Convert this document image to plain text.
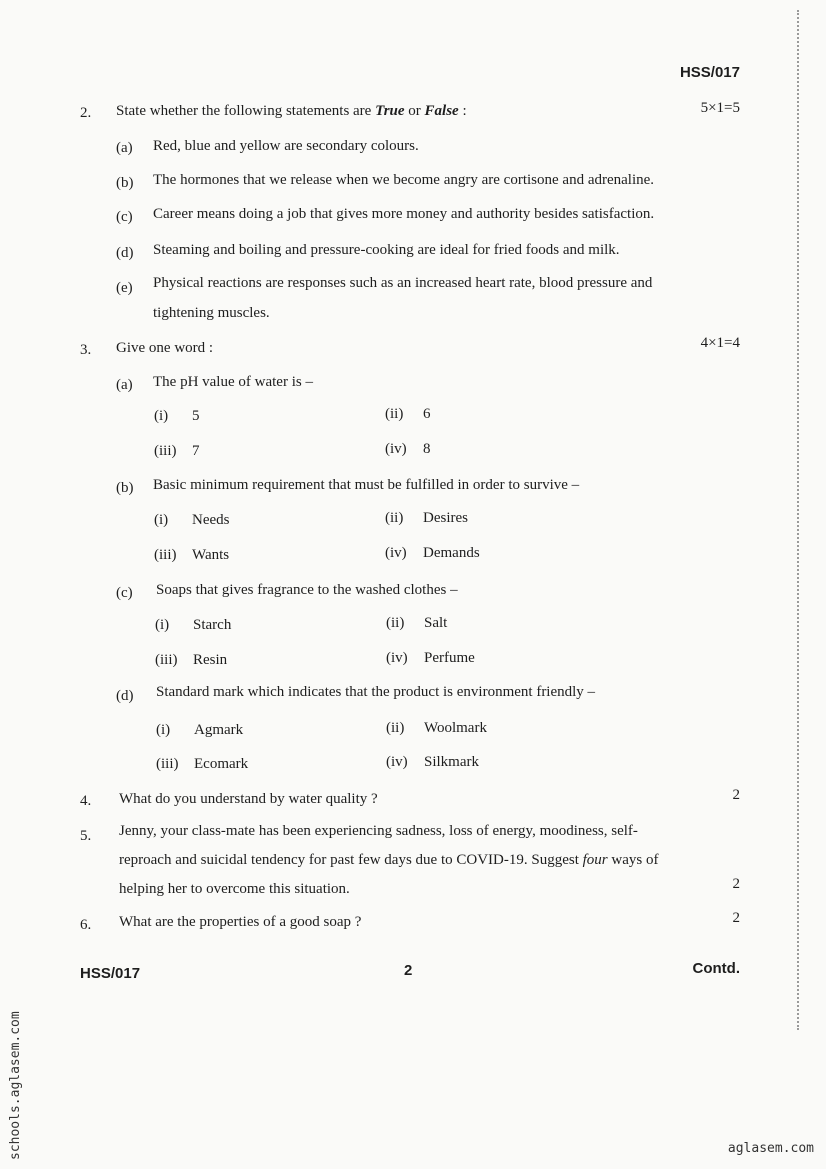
HSS/017
2. State whether the following statements are True or False :	5×1=5
(a) Red, blue and yellow are secondary colours.
(b) The hormones that we release when we become angry are cortisone and adrenaline.
(c) Career means doing a job that gives more money and authority besides satisfaction.
(d) Steaming and boiling and pressure-cooking are ideal for fried foods and milk.
(e) Physical reactions are responses such as an increased heart rate, blood pressure and
tightening muscles.
3. Give one word :	4×1=4
(a) The pH value of water is –
(i) 5	(ii) 6
(iii) 7	(iv) 8
(b) Basic minimum requirement that must be fulfilled in order to survive –
(i) Needs	(ii) Desires
(iii) Wants	(iv) Demands
(c) Soaps that gives fragrance to the washed clothes –
(i) Starch	(ii) Salt
(iii) Resin	(iv) Perfume
(d) Standard mark which indicates that the product is environment friendly –
(i) Agmark	(ii) Woolmark
(iii) Ecomark	(iv) Silkmark
4. What do you understand by water quality ?	2
5. Jenny, your class-mate has been experiencing sadness, loss of energy, moodiness, self-
reproach and suicidal tendency for past few days due to COVID-19. Suggest four ways of
helping her to overcome this situation.	2
6. What are the properties of a good soap ?	2
HSS/017	2	Contd.
schools.aglasem.com	aglasem.com
